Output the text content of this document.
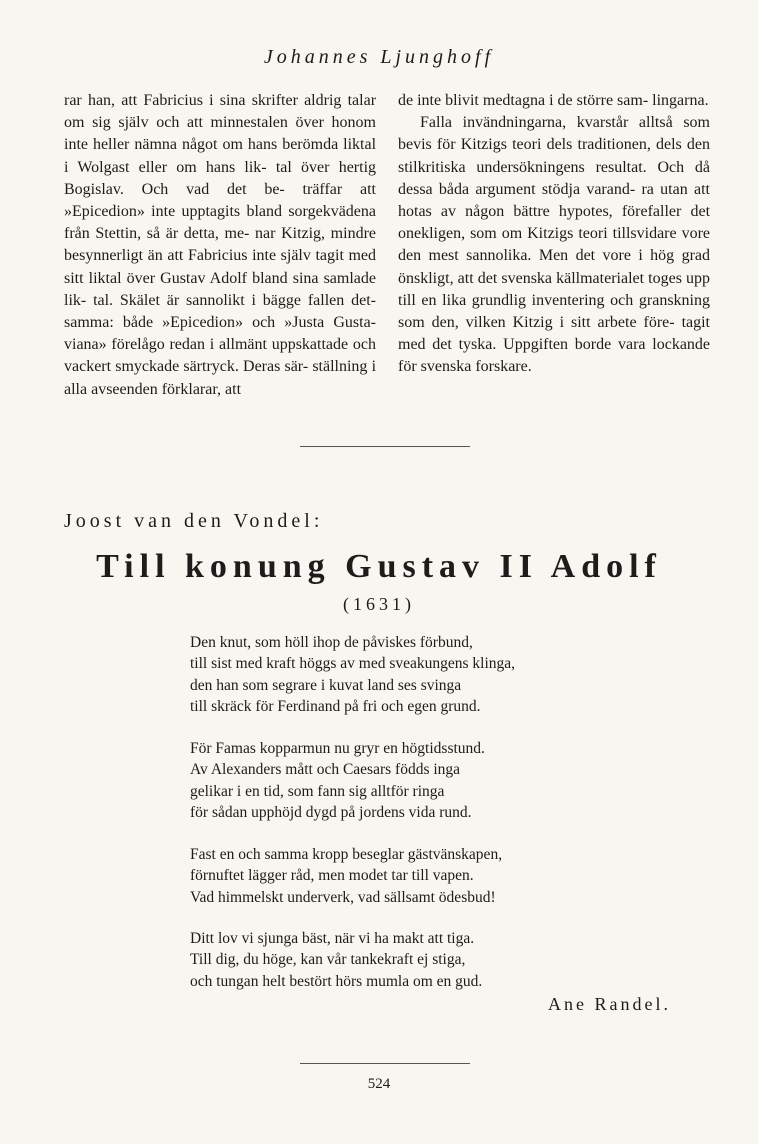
Johannes Ljunghoff

rar han, att Fabricius i sina skrifter aldrig talar om sig själv och att minnestalen över honom inte heller nämna något om hans berömda liktal i Wolgast eller om hans lik- tal över hertig Bogislav. Och vad det be- träffar att »Epicedion» inte upptagits bland sorgekvädena från Stettin, så är detta, me- nar Kitzig, mindre besynnerligt än att Fabricius inte själv tagit med sitt liktal över Gustav Adolf bland sina samlade lik- tal. Skälet är sannolikt i bägge fallen det- samma: både »Epicedion» och »Justa Gusta- viana» förelågo redan i allmänt uppskattade och vackert smyckade särtryck. Deras sär- ställning i alla avseenden förklarar, att

de inte blivit medtagna i de större sam- lingarna.

Falla invändningarna, kvarstår alltså som bevis för Kitzigs teori dels traditionen, dels den stilkritiska undersökningens resultat. Och då dessa båda argument stödja varand- ra utan att hotas av någon bättre hypotes, förefaller det onekligen, som om Kitzigs teori tillsvidare vore den mest sannolika. Men det vore i hög grad önskligt, att det svenska källmaterialet toges upp till en lika grundlig inventering och granskning som den, vilken Kitzig i sitt arbete före- tagit med det tyska. Uppgiften borde vara lockande för svenska forskare.

Joost van den Vondel:
Till konung Gustav II Adolf
(1631)
Den knut, som höll ihop de påviskes förbund,
till sist med kraft höggs av med sveakungens klinga,
den han som segrare i kuvat land ses svinga
till skräck för Ferdinand på fri och egen grund.
För Famas kopparmun nu gryr en högtidsstund.
Av Alexanders mått och Caesars födds inga
gelikar i en tid, som fann sig alltför ringa
för sådan upphöjd dygd på jordens vida rund.
Fast en och samma kropp beseglar gästvänskapen,
förnuftet lägger råd, men modet tar till vapen.
Vad himmelskt underverk, vad sällsamt ödesbud!
Ditt lov vi sjunga bäst, när vi ha makt att tiga.
Till dig, du höge, kan vår tankekraft ej stiga,
och tungan helt bestört hörs mumla om en gud.
Ane Randel.
524
